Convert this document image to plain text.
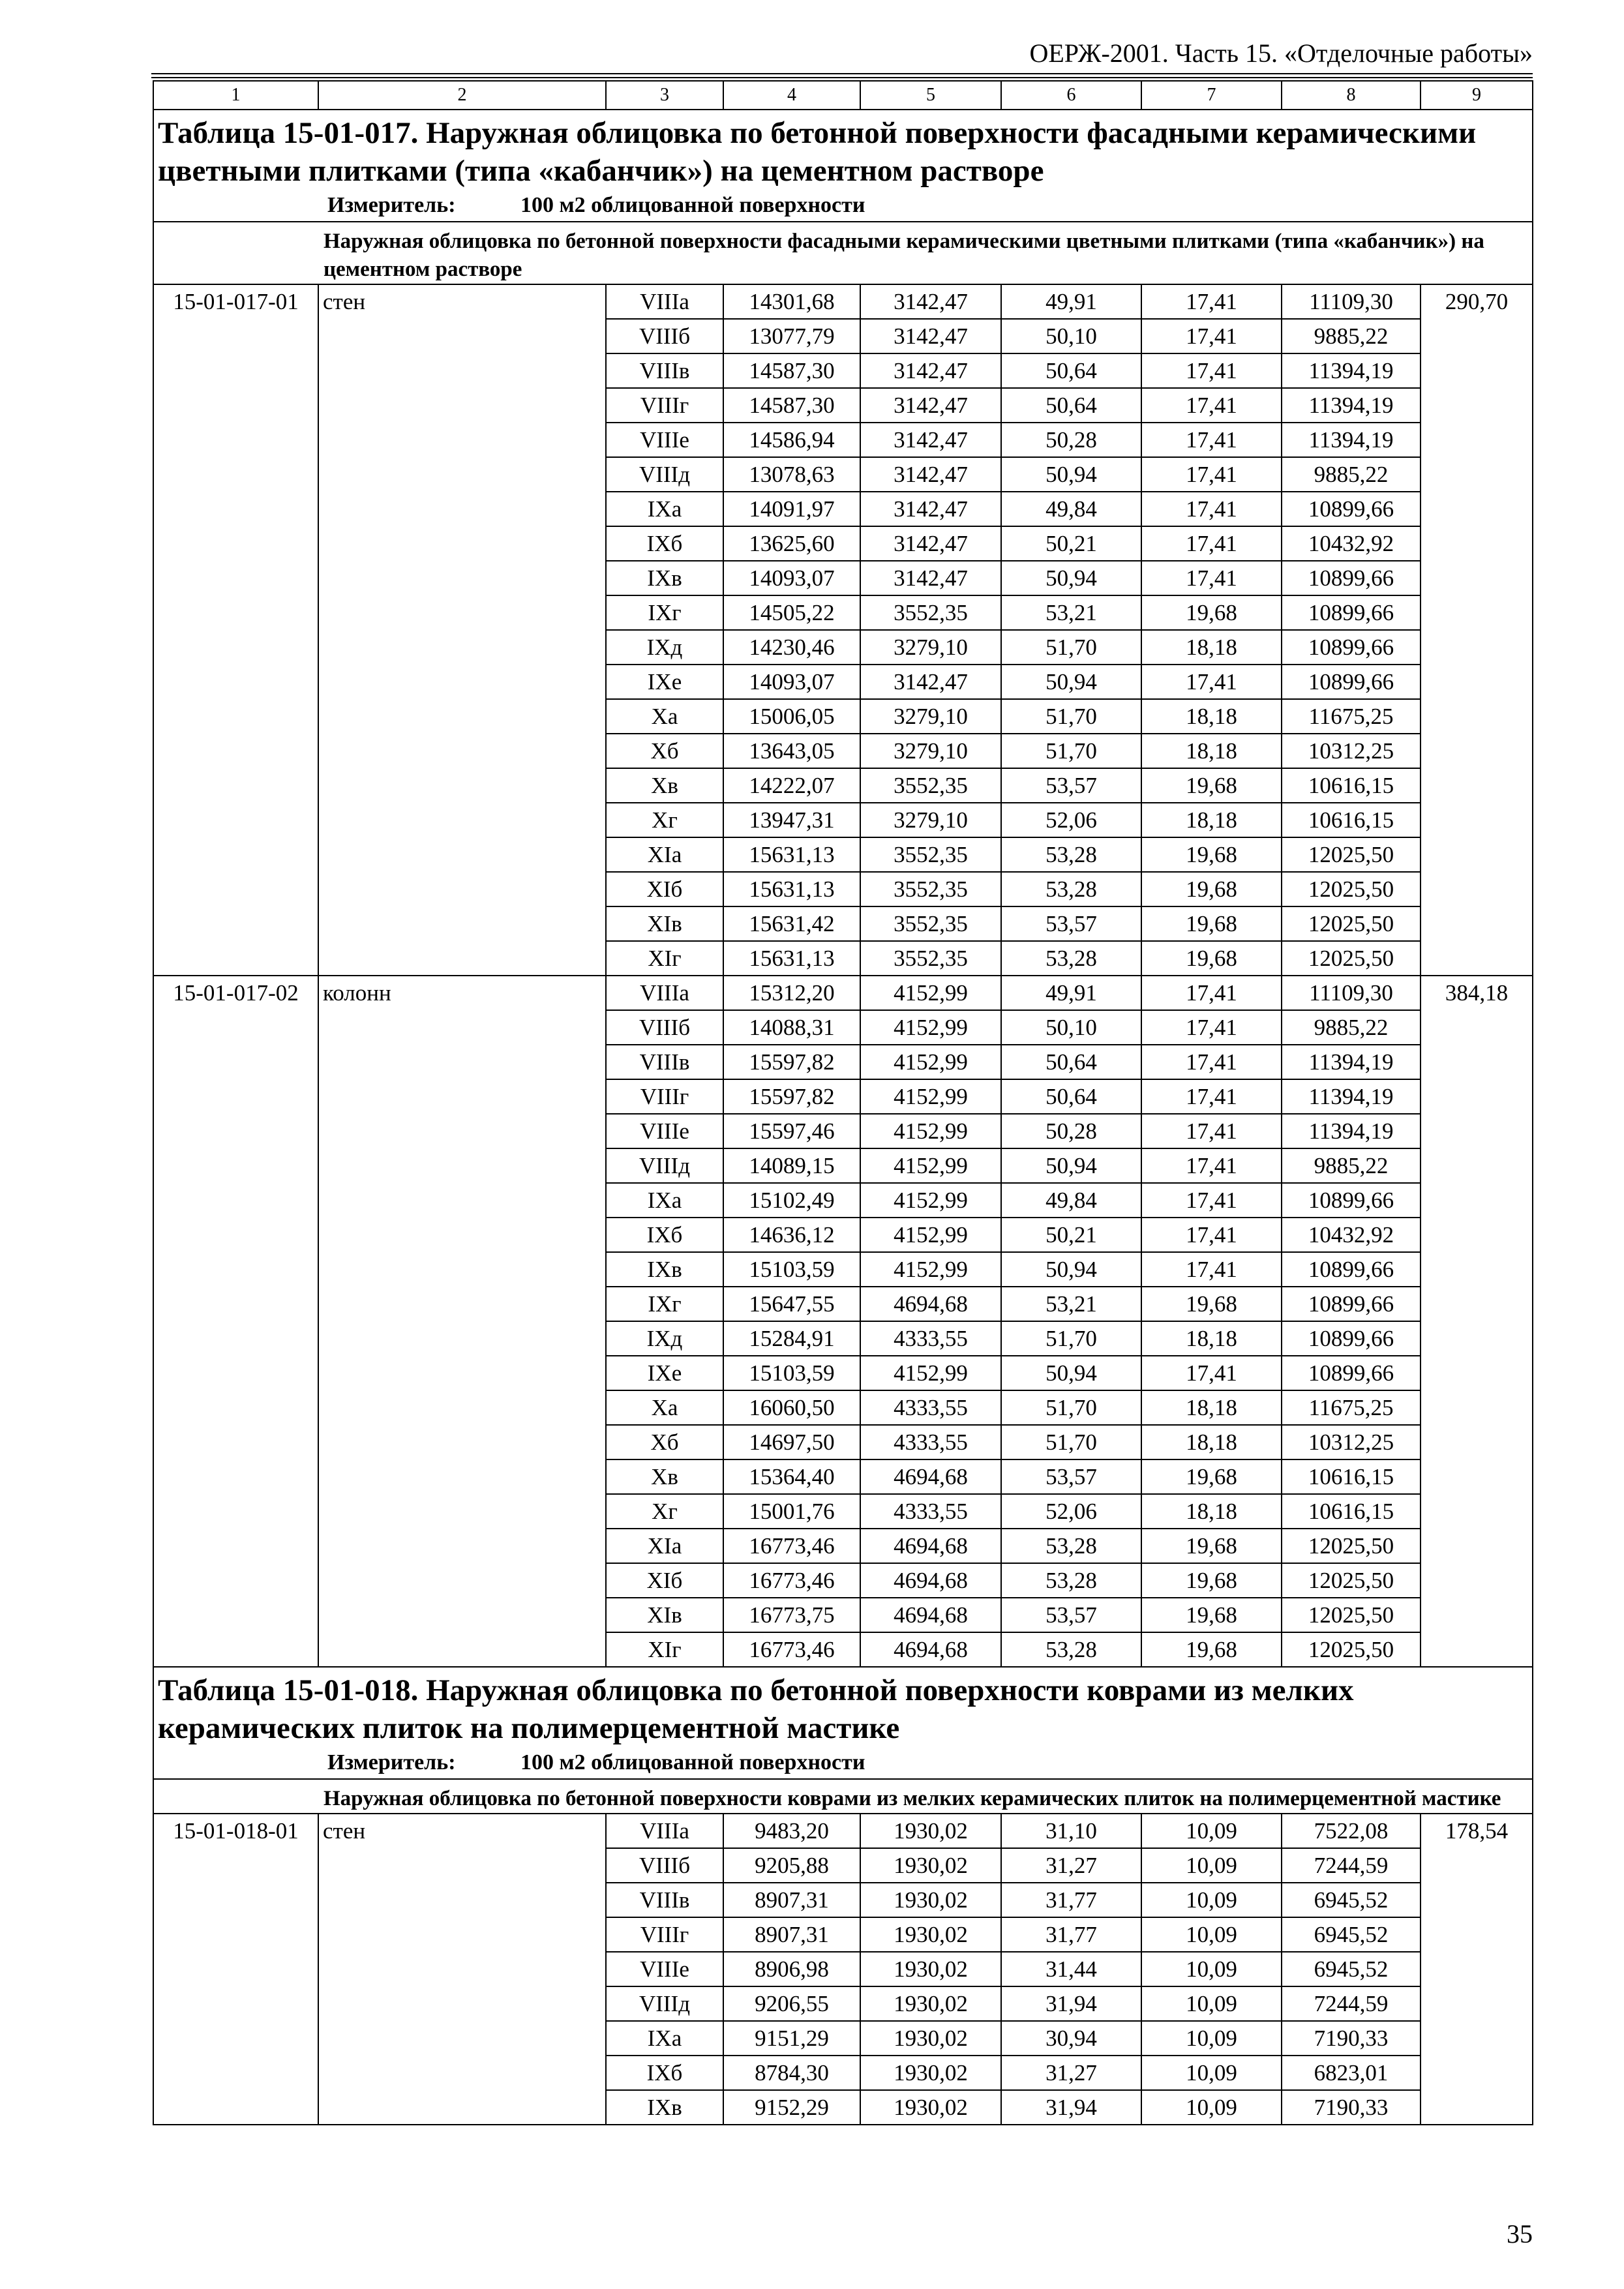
ОЕРЖ-2001. Часть 15. «Отделочные работы»
1	2	3	4	5	6	7	8	9

Таблица 15-01-017. Наружная облицовка по бетонной поверхности фасадными керамическими цветными плитками (типа «кабанчик») на цементном растворе
Измеритель: 100 м2 облицованной поверхности								

Наружная облицовка по бетонной поверхности фасадными керамическими цветными плитками (типа «кабанчик») на цементном растворе								
15-01-017-01	стен	VIIIа	14301,68	3142,47	49,91	17,41	11109,30	290,70
		VIIIб	13077,79	3142,47	50,10	17,41	9885,22	
		VIIIв	14587,30	3142,47	50,64	17,41	11394,19	
		VIIIг	14587,30	3142,47	50,64	17,41	11394,19	
		VIIIе	14586,94	3142,47	50,28	17,41	11394,19	
		VIIIд	13078,63	3142,47	50,94	17,41	9885,22	
		IXа	14091,97	3142,47	49,84	17,41	10899,66	
		IXб	13625,60	3142,47	50,21	17,41	10432,92	
		IXв	14093,07	3142,47	50,94	17,41	10899,66	
		IXг	14505,22	3552,35	53,21	19,68	10899,66	
		IXд	14230,46	3279,10	51,70	18,18	10899,66	
		IXе	14093,07	3142,47	50,94	17,41	10899,66	
		Xа	15006,05	3279,10	51,70	18,18	11675,25	
		Xб	13643,05	3279,10	51,70	18,18	10312,25	
		Xв	14222,07	3552,35	53,57	19,68	10616,15	
		Xг	13947,31	3279,10	52,06	18,18	10616,15	
		XIа	15631,13	3552,35	53,28	19,68	12025,50	
		XIб	15631,13	3552,35	53,28	19,68	12025,50	
		XIв	15631,42	3552,35	53,57	19,68	12025,50	
		XIг	15631,13	3552,35	53,28	19,68	12025,50	
15-01-017-02	колонн	VIIIа	15312,20	4152,99	49,91	17,41	11109,30	384,18
		VIIIб	14088,31	4152,99	50,10	17,41	9885,22	
		VIIIв	15597,82	4152,99	50,64	17,41	11394,19	
		VIIIг	15597,82	4152,99	50,64	17,41	11394,19	
		VIIIе	15597,46	4152,99	50,28	17,41	11394,19	
		VIIIд	14089,15	4152,99	50,94	17,41	9885,22	
		IXа	15102,49	4152,99	49,84	17,41	10899,66	
		IXб	14636,12	4152,99	50,21	17,41	10432,92	
		IXв	15103,59	4152,99	50,94	17,41	10899,66	
		IXг	15647,55	4694,68	53,21	19,68	10899,66	
		IXд	15284,91	4333,55	51,70	18,18	10899,66	
		IXе	15103,59	4152,99	50,94	17,41	10899,66	
		Xа	16060,50	4333,55	51,70	18,18	11675,25	
		Xб	14697,50	4333,55	51,70	18,18	10312,25	
		Xв	15364,40	4694,68	53,57	19,68	10616,15	
		Xг	15001,76	4333,55	52,06	18,18	10616,15	
		XIа	16773,46	4694,68	53,28	19,68	12025,50	
		XIб	16773,46	4694,68	53,28	19,68	12025,50	
		XIв	16773,75	4694,68	53,57	19,68	12025,50	
		XIг	16773,46	4694,68	53,28	19,68	12025,50	

Таблица 15-01-018. Наружная облицовка по бетонной поверхности коврами из мелких керамических плиток на полимерцементной мастике
Измеритель: 100 м2 облицованной поверхности								

Наружная облицовка по бетонной поверхности коврами из мелких керамических плиток на полимерцементной мастике								
15-01-018-01	стен	VIIIа	9483,20	1930,02	31,10	10,09	7522,08	178,54
		VIIIб	9205,88	1930,02	31,27	10,09	7244,59	
		VIIIв	8907,31	1930,02	31,77	10,09	6945,52	
		VIIIг	8907,31	1930,02	31,77	10,09	6945,52	
		VIIIе	8906,98	1930,02	31,44	10,09	6945,52	
		VIIIд	9206,55	1930,02	31,94	10,09	7244,59	
		IXа	9151,29	1930,02	30,94	10,09	7190,33	
		IXб	8784,30	1930,02	31,27	10,09	6823,01	
		IXв	9152,29	1930,02	31,94	10,09	7190,33	
35
